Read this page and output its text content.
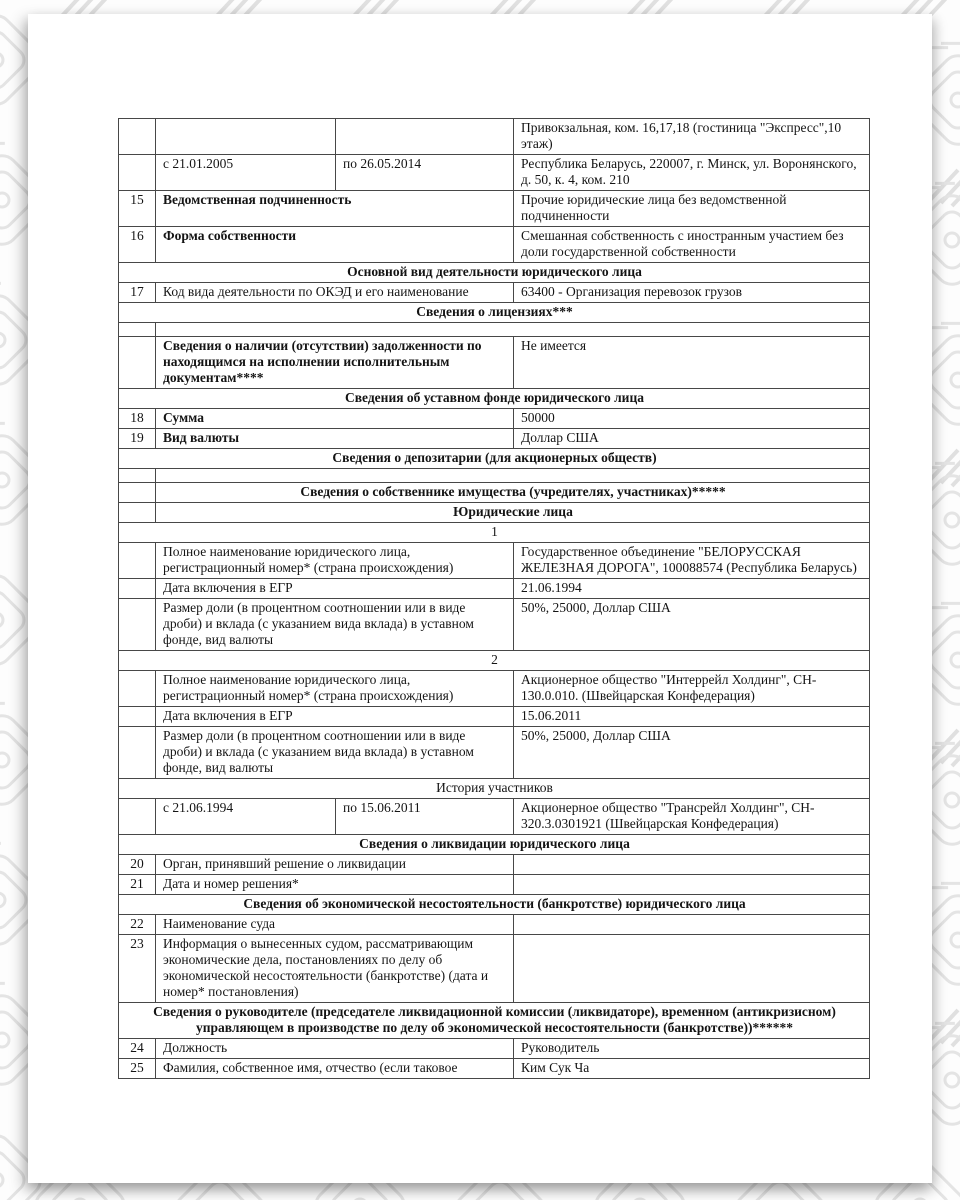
			Привокзальная, ком. 16,17,18 (гостиница "Экспресс",10 этаж)
	с 21.01.2005	по 26.05.2014	Республика Беларусь, 220007, г. Минск, ул. Воронянского, д. 50, к. 4, ком. 210
15	Ведомственная подчиненность		Прочие юридические лица без ведомственной подчиненности
16	Форма собственности		Смешанная собственность с иностранным участием без доли государственной собственности
Основной вид деятельности юридического лица			
17	Код вида деятельности по ОКЭД и его наименование		63400 - Организация перевозок грузов
Сведения о лицензиях***			

	Сведения о наличии (отсутствии) задолженности по находящимся на исполнении исполнительным документам****		Не имеется
Сведения об уставном фонде юридического лица			
18	Сумма		50000
19	Вид валюты		Доллар США
Сведения о депозитарии (для акционерных обществ)			

	Сведения о собственнике имущества (учредителях, участниках)*****		
	Юридические лица		
1			
	Полное наименование юридического лица, регистрационный номер* (страна происхождения)		Государственное объединение "БЕЛОРУССКАЯ ЖЕЛЕЗНАЯ ДОРОГА", 100088574 (Республика Беларусь)
	Дата включения в ЕГР		21.06.1994
	Размер доли (в процентном соотношении или в виде дроби) и вклада (с указанием вида вклада) в уставном фонде, вид валюты		50%, 25000, Доллар США
2			
	Полное наименование юридического лица, регистрационный номер* (страна происхождения)		Акционерное общество "Интеррейл Холдинг", CH-130.0.010. (Швейцарская Конфедерация)
	Дата включения в ЕГР		15.06.2011
	Размер доли (в процентном соотношении или в виде дроби) и вклада (с указанием вида вклада) в уставном фонде, вид валюты		50%, 25000, Доллар США
История участников			
	с 21.06.1994	по 15.06.2011	Акционерное общество "Трансрейл Холдинг", CH-320.3.0301921 (Швейцарская Конфедерация)
Сведения о ликвидации юридического лица			
20	Орган, принявший решение о ликвидации		
21	Дата и номер решения*		
Сведения об экономической несостоятельности (банкротстве) юридического лица			
22	Наименование суда		
23	Информация о вынесенных судом, рассматривающим экономические дела, постановлениях по делу об экономической несостоятельности (банкротстве) (дата и номер* постановления)		
Сведения о руководителе (председателе ликвидационной комиссии (ликвидаторе), временном (антикризисном) управляющем в производстве по делу об экономической несостоятельности (банкротстве))******			
24	Должность		Руководитель
25	Фамилия, собственное имя, отчество (если таковое		Ким Сук Ча
